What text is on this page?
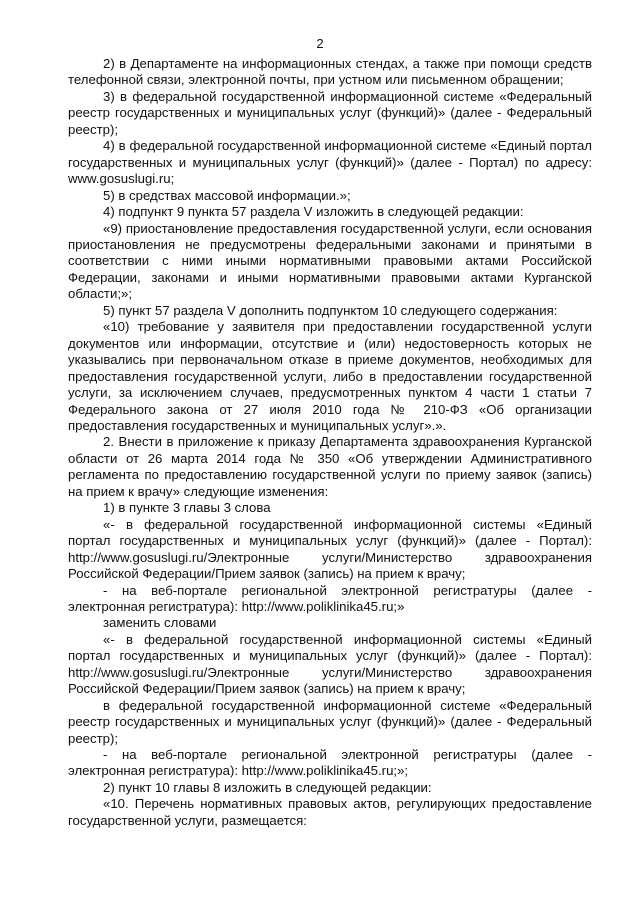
2

2) в Департаменте на информационных стендах, а также при помощи средств телефонной связи, электронной почты, при устном или письменном обращении;

3) в федеральной государственной информационной системе «Федеральный реестр государственных и муниципальных услуг (функций)» (далее - Федеральный реестр);

4) в федеральной государственной информационной системе «Единый портал государственных и муниципальных услуг (функций)» (далее - Портал) по адресу: www.gosuslugi.ru;

5) в средствах массовой информации.»;

4) подпункт 9 пункта 57 раздела V изложить в следующей редакции:

«9) приостановление предоставления государственной услуги, если основания приостановления не предусмотрены федеральными законами и принятыми в соответствии с ними иными нормативными правовыми актами Российской Федерации, законами и иными нормативными правовыми актами Курганской области;»;

5) пункт 57 раздела V дополнить подпунктом 10 следующего содержания:

«10) требование у заявителя при предоставлении государственной услуги документов или информации, отсутствие и (или) недостоверность которых не указывались при первоначальном отказе в приеме документов, необходимых для предоставления государственной услуги, либо в предоставлении государственной услуги, за исключением случаев, предусмотренных пунктом 4 части 1 статьи 7 Федерального закона от 27 июля 2010 года № 210-ФЗ «Об организации предоставления государственных и муниципальных услуг».».

2. Внести в приложение к приказу Департамента здравоохранения Курганской области от 26 марта 2014 года № 350 «Об утверждении Административного регламента по предоставлению государственной услуги по приему заявок (запись) на прием к врачу» следующие изменения:

1) в пункте 3 главы 3 слова

«- в федеральной государственной информационной системы «Единый портал государственных и муниципальных услуг (функций)» (далее - Портал): http://www.gosuslugi.ru/Электронные услуги/Министерство здравоохранения Российской Федерации/Прием заявок (запись) на прием к врачу;

- на веб-портале региональной электронной регистратуры (далее - электронная регистратура): http://www.poliklinika45.ru;»

заменить словами

«- в федеральной государственной информационной системы «Единый портал государственных и муниципальных услуг (функций)» (далее - Портал): http://www.gosuslugi.ru/Электронные услуги/Министерство здравоохранения Российской Федерации/Прием заявок (запись) на прием к врачу;

в федеральной государственной информационной системе «Федеральный реестр государственных и муниципальных услуг (функций)» (далее - Федеральный реестр);

- на веб-портале региональной электронной регистратуры (далее - электронная регистратура): http://www.poliklinika45.ru;»;

2) пункт 10 главы 8 изложить в следующей редакции:

«10. Перечень нормативных правовых актов, регулирующих предоставление государственной услуги, размещается:
